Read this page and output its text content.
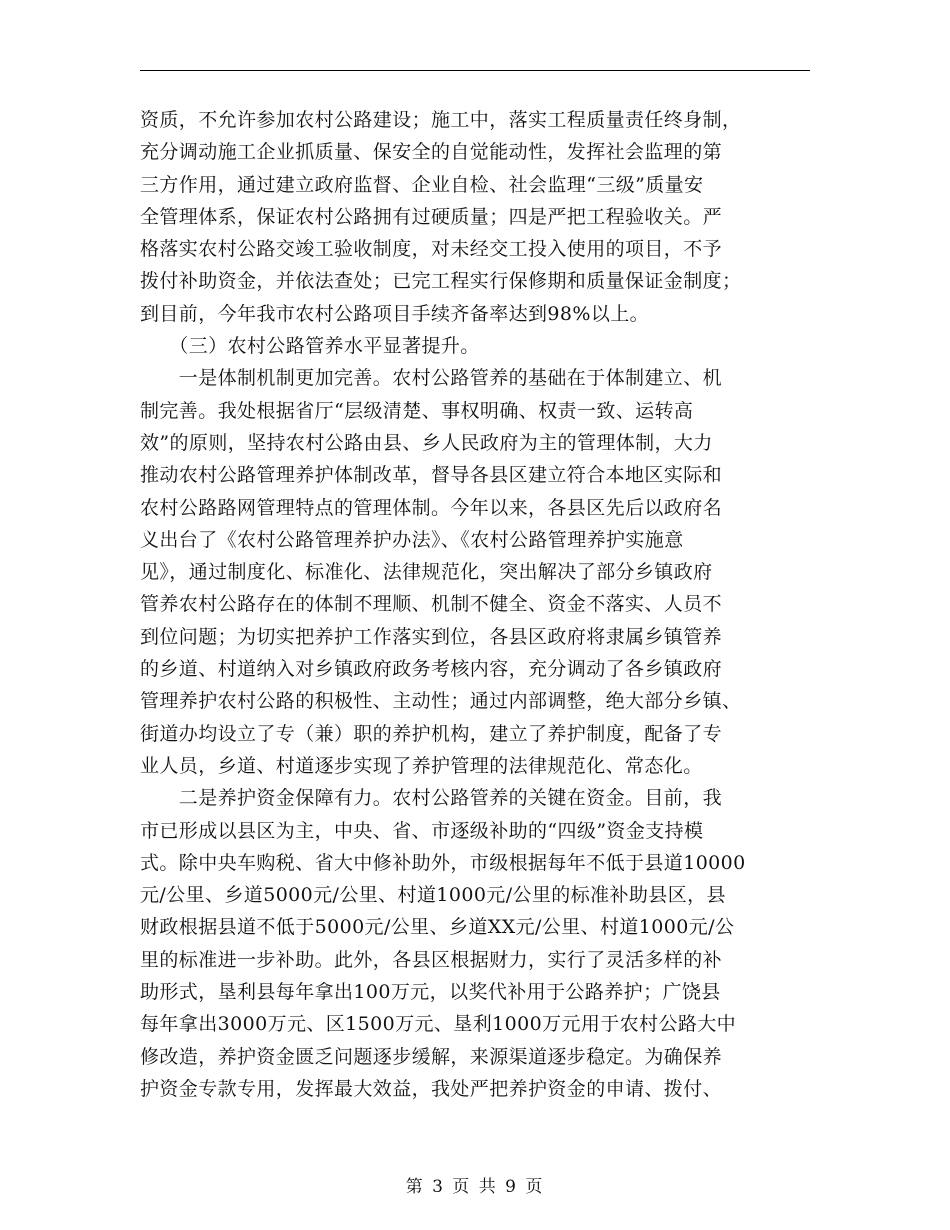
资质，不允许参加农村公路建设；施工中，落实工程质量责任终身制，
充分调动施工企业抓质量、保安全的自觉能动性，发挥社会监理的第
三方作用，通过建立政府监督、企业自检、社会监理“三级”质量安
全管理体系，保证农村公路拥有过硬质量；四是严把工程验收关。严
格落实农村公路交竣工验收制度，对未经交工投入使用的项目，不予
拨付补助资金，并依法查处；已完工程实行保修期和质量保证金制度；
到目前，今年我市农村公路项目手续齐备率达到98%以上。
　　（三）农村公路管养水平显著提升。
　　一是体制机制更加完善。农村公路管养的基础在于体制建立、机
制完善。我处根据省厅“层级清楚、事权明确、权责一致、运转高
效”的原则，坚持农村公路由县、乡人民政府为主的管理体制，大力
推动农村公路管理养护体制改革，督导各县区建立符合本地区实际和
农村公路路网管理特点的管理体制。今年以来，各县区先后以政府名
义出台了《农村公路管理养护办法》、《农村公路管理养护实施意
见》，通过制度化、标准化、法律规范化，突出解决了部分乡镇政府
管养农村公路存在的体制不理顺、机制不健全、资金不落实、人员不
到位问题；为切实把养护工作落实到位，各县区政府将隶属乡镇管养
的乡道、村道纳入对乡镇政府政务考核内容，充分调动了各乡镇政府
管理养护农村公路的积极性、主动性；通过内部调整，绝大部分乡镇、
街道办均设立了专（兼）职的养护机构，建立了养护制度，配备了专
业人员，乡道、村道逐步实现了养护管理的法律规范化、常态化。
　　二是养护资金保障有力。农村公路管养的关键在资金。目前，我
市已形成以县区为主，中央、省、市逐级补助的“四级”资金支持模
式。除中央车购税、省大中修补助外，市级根据每年不低于县道10000
元/公里、乡道5000元/公里、村道1000元/公里的标准补助县区，县
财政根据县道不低于5000元/公里、乡道XX元/公里、村道1000元/公
里的标准进一步补助。此外，各县区根据财力，实行了灵活多样的补
助形式，垦利县每年拿出100万元，以奖代补用于公路养护；广饶县
每年拿出3000万元、区1500万元、垦利1000万元用于农村公路大中
修改造，养护资金匮乏问题逐步缓解，来源渠道逐步稳定。为确保养
护资金专款专用，发挥最大效益，我处严把养护资金的申请、拨付、
第 3 页 共 9 页
